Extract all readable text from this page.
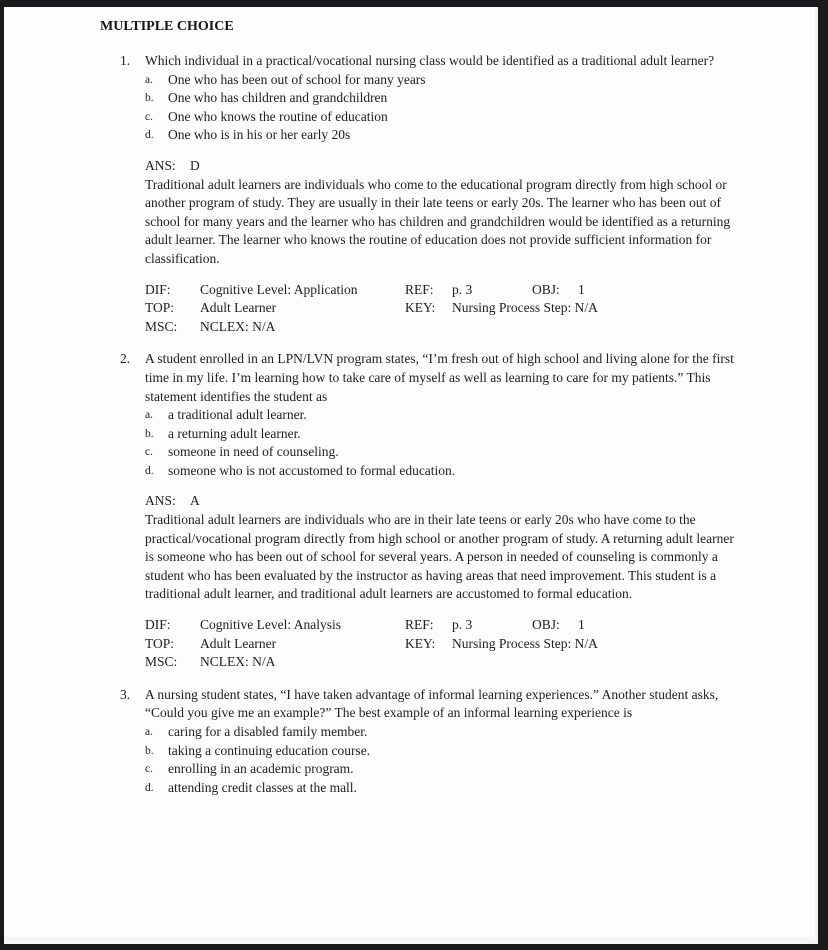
MULTIPLE CHOICE
1.	Which individual in a practical/vocational nursing class would be identified as a traditional adult learner?
a.	One who has been out of school for many years
b.	One who has children and grandchildren
c.	One who knows the routine of education
d.	One who is in his or her early 20s
ANS: D
Traditional adult learners are individuals who come to the educational program directly from high school or another program of study. They are usually in their late teens or early 20s. The learner who has been out of school for many years and the learner who has children and grandchildren would be identified as a returning adult learner. The learner who knows the routine of education does not provide sufficient information for classification.
DIF:	Cognitive Level: Application	REF:	p. 3	OBJ:	1
TOP:	Adult Learner	KEY:	Nursing Process Step: N/A
MSC:	NCLEX: N/A
2.	A student enrolled in an LPN/LVN program states, “I’m fresh out of high school and living alone for the first time in my life. I’m learning how to take care of myself as well as learning to care for my patients.” This statement identifies the student as
a.	a traditional adult learner.
b.	a returning adult learner.
c.	someone in need of counseling.
d.	someone who is not accustomed to formal education.
ANS: A
Traditional adult learners are individuals who are in their late teens or early 20s who have come to the practical/vocational program directly from high school or another program of study. A returning adult learner is someone who has been out of school for several years. A person in needed of counseling is commonly a student who has been evaluated by the instructor as having areas that need improvement. This student is a traditional adult learner, and traditional adult learners are accustomed to formal education.
DIF:	Cognitive Level: Analysis	REF:	p. 3	OBJ:	1
TOP:	Adult Learner	KEY:	Nursing Process Step: N/A
MSC:	NCLEX: N/A
3.	A nursing student states, “I have taken advantage of informal learning experiences.” Another student asks, “Could you give me an example?” The best example of an informal learning experience is
a.	caring for a disabled family member.
b.	taking a continuing education course.
c.	enrolling in an academic program.
d.	attending credit classes at the mall.
